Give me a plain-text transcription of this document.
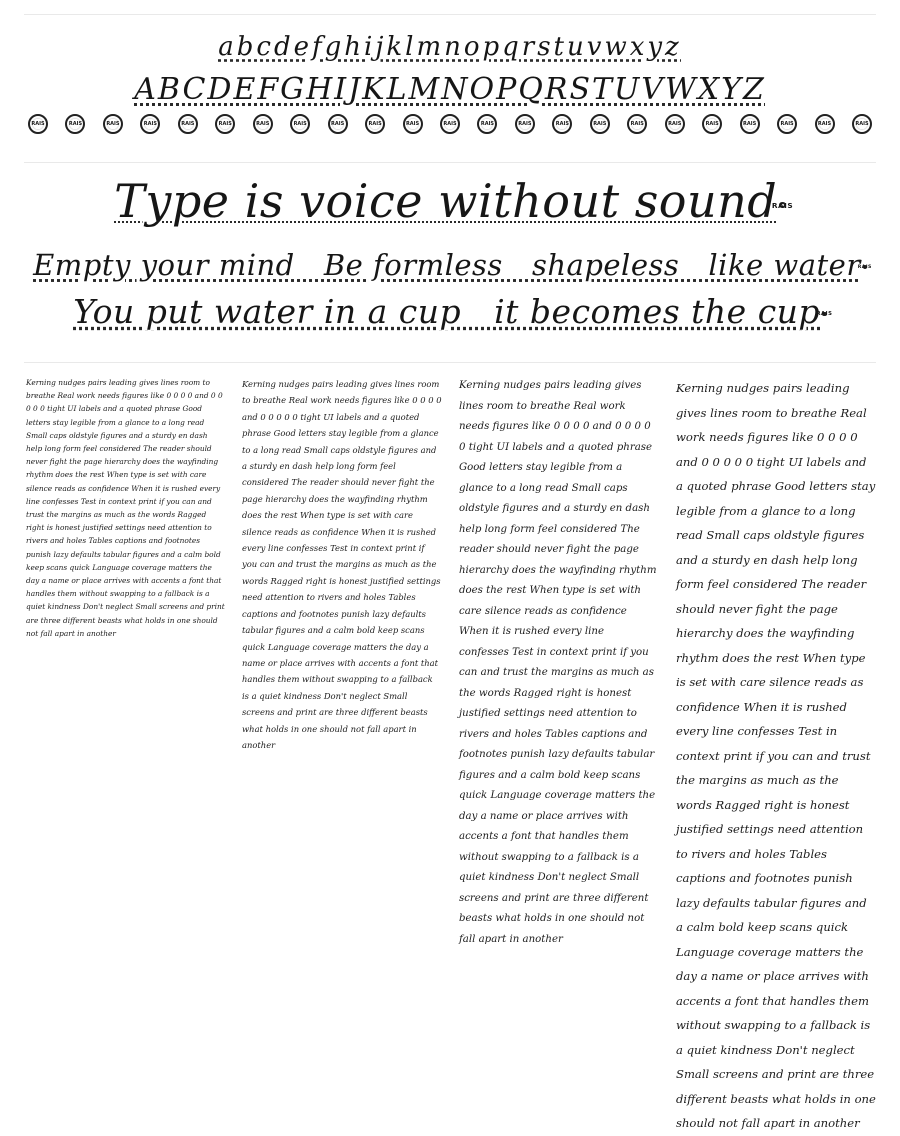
abcdefghijklmnopqrstuvwxyz
ABCDEFGHIJKLMNOPQRSTUVWXYZ
RAIS	RAIS	RAIS	RAIS	RAIS	RAIS	RAIS	RAIS	RAIS	RAIS	RAIS	RAIS	RAIS	RAIS	RAIS	RAIS	RAIS	RAIS	RAIS	RAIS	RAIS	RAIS	RAIS
Type is voice without soundRAIS
Empty your mind   Be formless   shapeless   like waterRAIS
You put water in a cup   it becomes the cupRAIS
Kerning nudges pairs leading gives lines room to breathe Real work needs figures like 0 0 0 0 and 0 0 0 0 0 tight UI labels and a quoted phrase Good letters stay legible from a glance to a long read Small caps oldstyle figures and a sturdy en dash help long form feel considered The reader should never fight the page hierarchy does the wayfinding rhythm does the rest When type is set with care silence reads as confidence When it is rushed every line confesses Test in context print if you can and trust the margins as much as the words Ragged right is honest justified settings need attention to rivers and holes Tables captions and footnotes punish lazy defaults tabular figures and a calm bold keep scans quick Language coverage matters the day a name or place arrives with accents a font that handles them without swapping to a fallback is a quiet kindness Don't neglect Small screens and print are three different beasts what holds in one should not fall apart in another
Kerning nudges pairs leading gives lines room to breathe Real work needs figures like 0 0 0 0 and 0 0 0 0 0 tight UI labels and a quoted phrase Good letters stay legible from a glance to a long read Small caps oldstyle figures and a sturdy en dash help long form feel considered The reader should never fight the page hierarchy does the wayfinding rhythm does the rest When type is set with care silence reads as confidence When it is rushed every line confesses Test in context print if you can and trust the margins as much as the words Ragged right is honest justified settings need attention to rivers and holes Tables captions and footnotes punish lazy defaults tabular figures and a calm bold keep scans quick Language coverage matters the day a name or place arrives with accents a font that handles them without swapping to a fallback is a quiet kindness Don't neglect Small screens and print are three different beasts what holds in one should not fall apart in another
Kerning nudges pairs leading gives lines room to breathe Real work needs figures like 0 0 0 0 and 0 0 0 0 0 tight UI labels and a quoted phrase Good letters stay legible from a glance to a long read Small caps oldstyle figures and a sturdy en dash help long form feel considered The reader should never fight the page hierarchy does the wayfinding rhythm does the rest When type is set with care silence reads as confidence When it is rushed every line confesses Test in context print if you can and trust the margins as much as the words Ragged right is honest justified settings need attention to rivers and holes Tables captions and footnotes punish lazy defaults tabular figures and a calm bold keep scans quick Language coverage matters the day a name or place arrives with accents a font that handles them without swapping to a fallback is a quiet kindness Don't neglect Small screens and print are three different beasts what holds in one should not fall apart in another
Kerning nudges pairs leading gives lines room to breathe Real work needs figures like 0 0 0 0 and 0 0 0 0 0 tight UI labels and a quoted phrase Good letters stay legible from a glance to a long read Small caps oldstyle figures and a sturdy en dash help long form feel considered The reader should never fight the page hierarchy does the wayfinding rhythm does the rest When type is set with care silence reads as confidence When it is rushed every line confesses Test in context print if you can and trust the margins as much as the words Ragged right is honest justified settings need attention to rivers and holes Tables captions and footnotes punish lazy defaults tabular figures and a calm bold keep scans quick Language coverage matters the day a name or place arrives with accents a font that handles them without swapping to a fallback is a quiet kindness Don't neglect Small screens and print are three different beasts what holds in one should not fall apart in another
